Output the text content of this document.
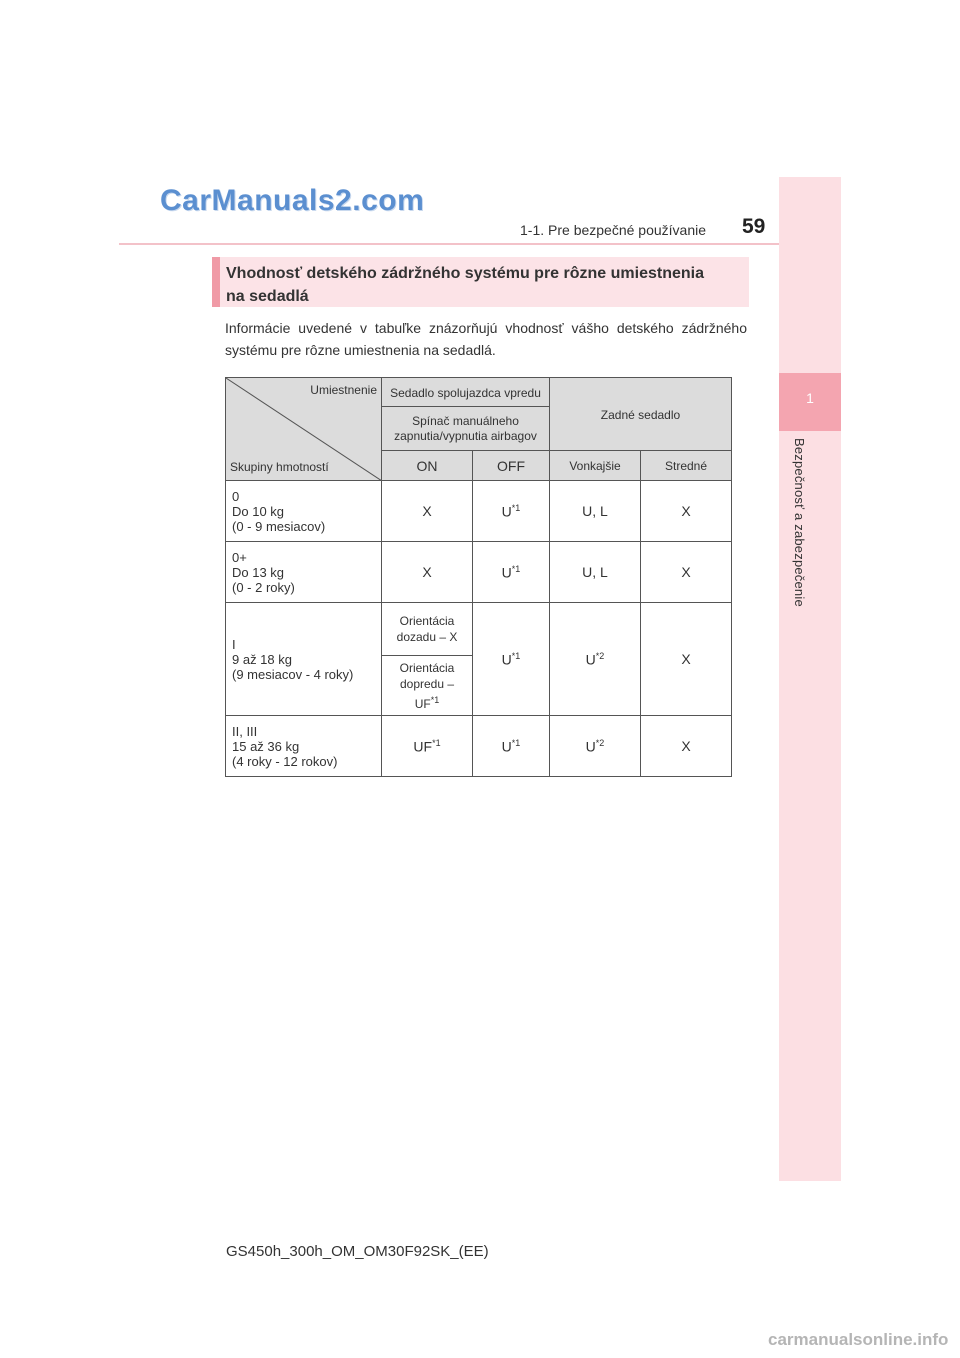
CarManuals2.com
1-1. Pre bezpečné používanie 59
1
Bezpečnosť a zabezpečenie
Vhodnosť detského zádržného systému pre rôzne umiestnenia na sedadlá
Informácie uvedené v tabuľke znázorňujú vhodnosť vášho detského zádržného systému pre rôzne umiestnenia na sedadlá.
Umiestnenie
Skupiny hmotností	Sedadlo spolujazdca vpredu		Zadné sedadlo	
	Spínač manuálneho zapnutia/vypnutia airbagov			
	ON	OFF	Vonkajšie	Stredné

0
Do 10 kg
(0 - 9 mesiacov)	X	$U^{*1}$	U, L	X

0+
Do 13 kg
(0 - 2 roky)	X	$U^{*1}$	U, L	X

I
9 až 18 kg
(9 mesiacov - 4 roky)	Orientácia dozadu – X	$U^{*1}$	$U^{*2}$	X
	Orientácia dopredu –
UF$^{*1}$

II, III
15 až 36 kg
(4 roky - 12 rokov)	UF$^{*1}$	$U^{*1}$	$U^{*2}$	X
GS450h_300h_OM_OM30F92SK_(EE)
carmanualsonline.info
